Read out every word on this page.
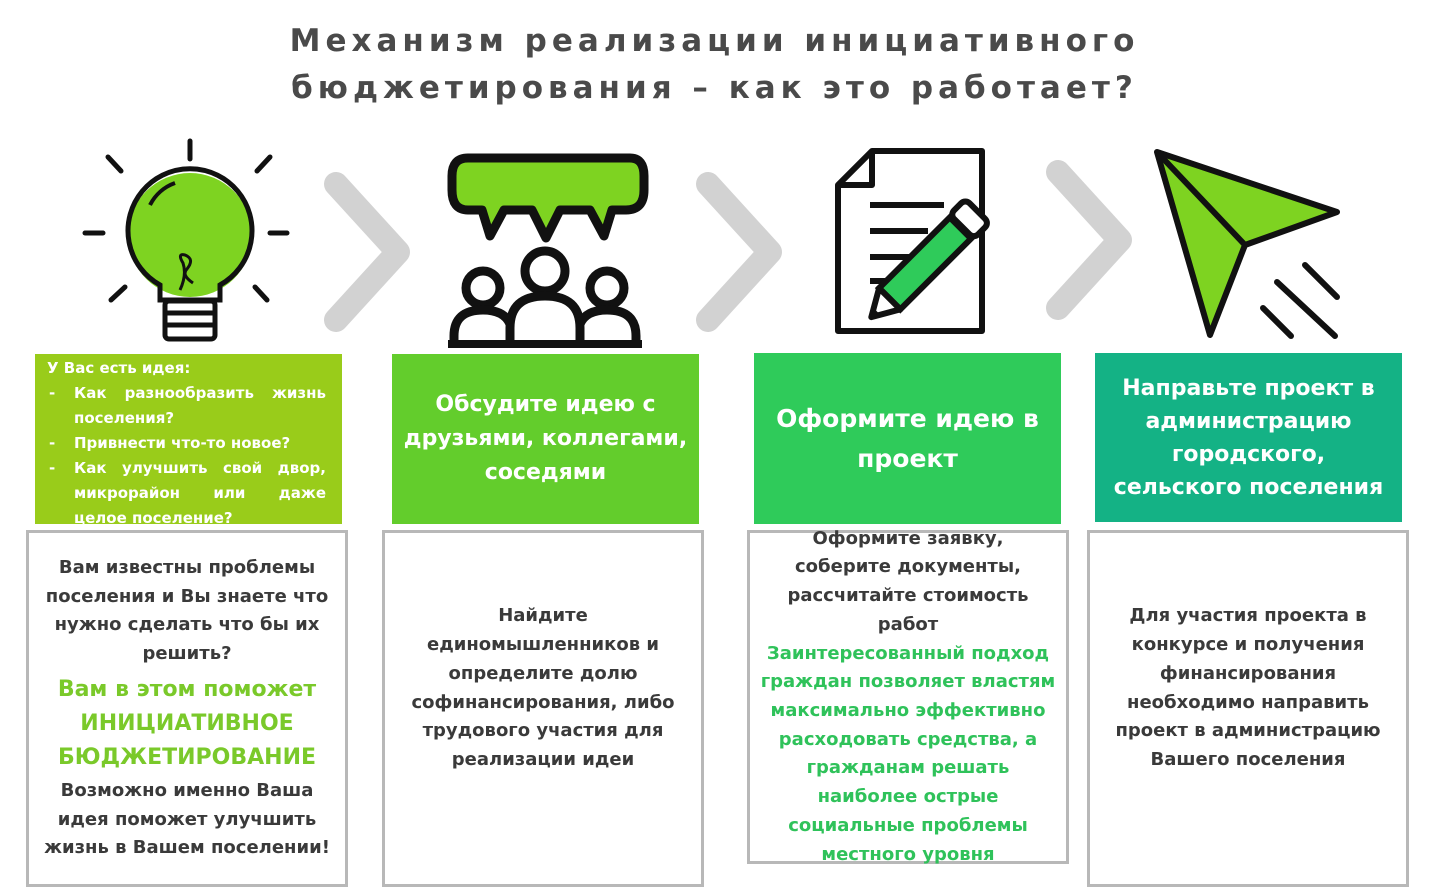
Механизм реализации инициативного
бюджетирования – как это работает?
У Вас есть идея:
- Как разнообразить жизнь поселения?
- Привнести что-то новое?
- Как улучшить свой двор, микрорайон или даже целое поселение?
Обсудите идею с друзьями, коллегами, соседями
Оформите идею в проект
Направьте проект в администрацию городского, сельского поселения

Вам известны проблемы поселения и Вы знаете что нужно сделать что бы их решить?

Вам в этом поможет ИНИЦИАТИВНОЕ БЮДЖЕТИРОВАНИЕ

Возможно именно Ваша идея поможет улучшить жизнь в Вашем поселении!

Найдите единомышленников и определите долю софинансирования, либо трудового участия для реализации идеи

Оформите заявку, соберите документы, рассчитайте стоимость работ

Заинтересованный подход граждан позволяет властям максимально эффективно расходовать средства, а гражданам решать наиболее острые социальные проблемы местного уровня

Для участия проекта в конкурсе и получения финансирования необходимо направить проект в администрацию Вашего поселения
